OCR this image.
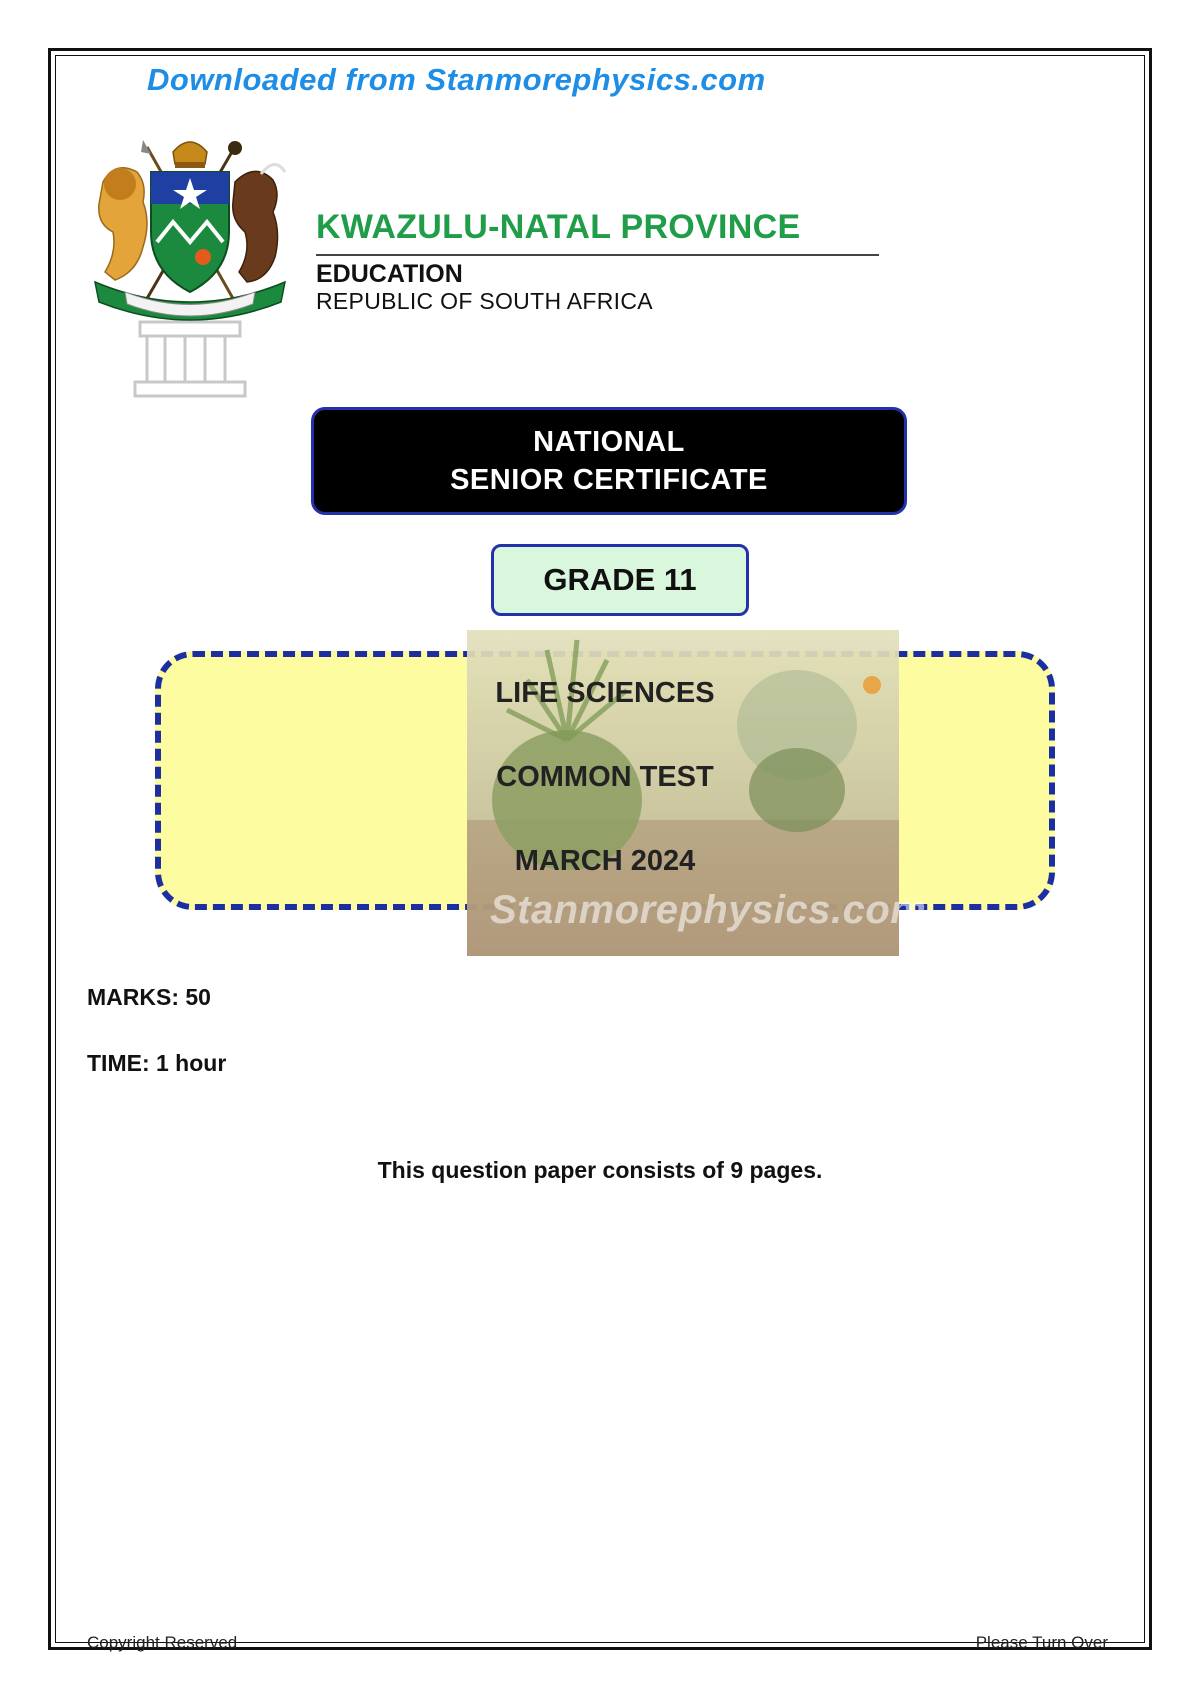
Downloaded from Stanmorephysics.com
KWAZULU-NATAL PROVINCE
EDUCATION
REPUBLIC OF SOUTH AFRICA
NATIONAL
SENIOR CERTIFICATE
GRADE 11
LIFE SCIENCES
COMMON TEST
MARCH 2024
Stanmorephysics.com
MARKS: 50
TIME: 1 hour
This question paper consists of 9 pages.
Copyright Reserved	Please Turn Over
